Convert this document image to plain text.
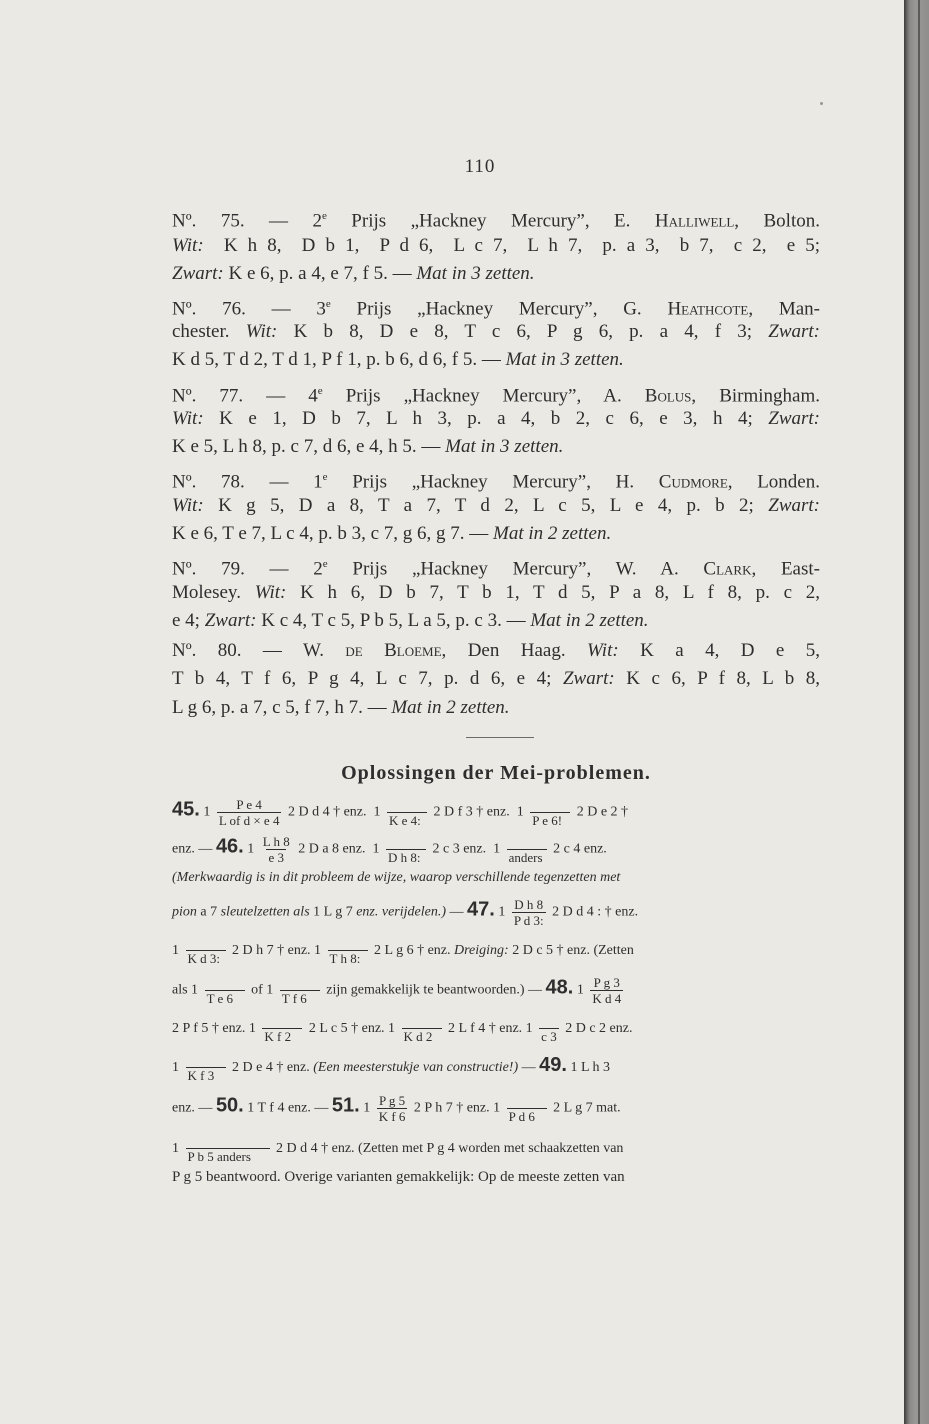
110
Nº. 75. — 2e Prijs „Hackney Mercury”, E. Halliwell, Bolton.
Wit:  K h 8,  D b 1,  P d 6,  L c 7,  L h 7,  p. a 3,  b 7,  c 2,  e 5;
Zwart: K e 6, p. a 4, e 7, f 5. — Mat in 3 zetten.
Nº. 76. — 3e Prijs „Hackney Mercury”, G. Heathcote, Man-
chester. Wit: K b 8, D e 8, T c 6, P g 6, p. a 4, f 3; Zwart:
K d 5, T d 2, T d 1, P f 1, p. b 6, d 6, f 5. — Mat in 3 zetten.
Nº. 77. — 4e Prijs „Hackney Mercury”, A. Bolus, Birmingham.
Wit: K e 1, D b 7, L h 3, p. a 4, b 2, c 6, e 3, h 4; Zwart:
K e 5, L h 8, p. c 7, d 6, e 4, h 5. — Mat in 3 zetten.
Nº. 78. — 1e Prijs „Hackney Mercury”, H. Cudmore, Londen.
Wit: K g 5, D a 8, T a 7, T d 2, L c 5, L e 4, p. b 2; Zwart:
K e 6, T e 7, L c 4, p. b 3, c 7, g 6, g 7. — Mat in 2 zetten.
Nº. 79. — 2e Prijs „Hackney Mercury”, W. A. Clark, East-
Molesey. Wit: K h 6, D b 7, T b 1, T d 5, P a 8, L f 8, p. c 2,
e 4; Zwart: K c 4, T c 5, P b 5, L a 5, p. c 3. — Mat in 2 zetten.
Nº. 80. — W. de Bloeme, Den Haag. Wit: K a 4, D e 5,
T b 4, T f 6, P g 4, L c 7, p. d 6, e 4; Zwart: K c 6, P f 8, L b 8,
L g 6, p. a 7, c 5, f 7, h 7. — Mat in 2 zetten.
Oplossingen der Mei-problemen.
45. $1 \frac{\text{P e 4}}{\text{L of d × e 4}} 2$ D d 4 † enz. 1
K e 4:
2 D f 3 † enz. 1
P e 6!
2 D e 2 †
enz. — 46. $1 \frac{\text{L h 8}}{e 3} 2$ D a 8 enz. 1
D h 8:
2 c 3 enz. 1
anders
2 c 4 enz.
(Merkwaardig is in dit probleem de wijze, waarop verschillende tegenzetten met
pion a 7 sleutelzetten als 1 L g 7 enz. verijdelen.) — 47. $1 \frac{\text{D h 8}}{\text{P d 3:}} 2$ D d 4 : † enz.
1
K d 3:
2 D h 7 † enz. 1
T h 8:
2 L g 6 † enz. Dreiging: 2 D c 5 † enz. (Zetten
als 1
T e 6
of 1
T f 6
zijn gemakkelijk te beantwoorden.) — 48. $1 \frac{\text{P g 3}}{\text{K d 4}}$
2 P f 5 † enz. 1
K f 2
2 L c 5 † enz. 1
K d 2
2 L f 4 † enz. 1
c 3
2 D c 2 enz.
1
K f 3
2 D e 4 † enz. (Een meesterstukje van constructie!) — 49. 1 L h 3
enz. — 50. 1 T f 4 enz. — 51. $1 \frac{\text{P g 5}}{\text{K f 6}} 2$ P h 7 † enz. 1
P d 6
2 L g 7 mat.
1
P b 5 anders
2 D d 4 † enz. (Zetten met P g 4 worden met schaakzetten van
P g 5 beantwoord. Overige varianten gemakkelijk: Op de meeste zetten van
